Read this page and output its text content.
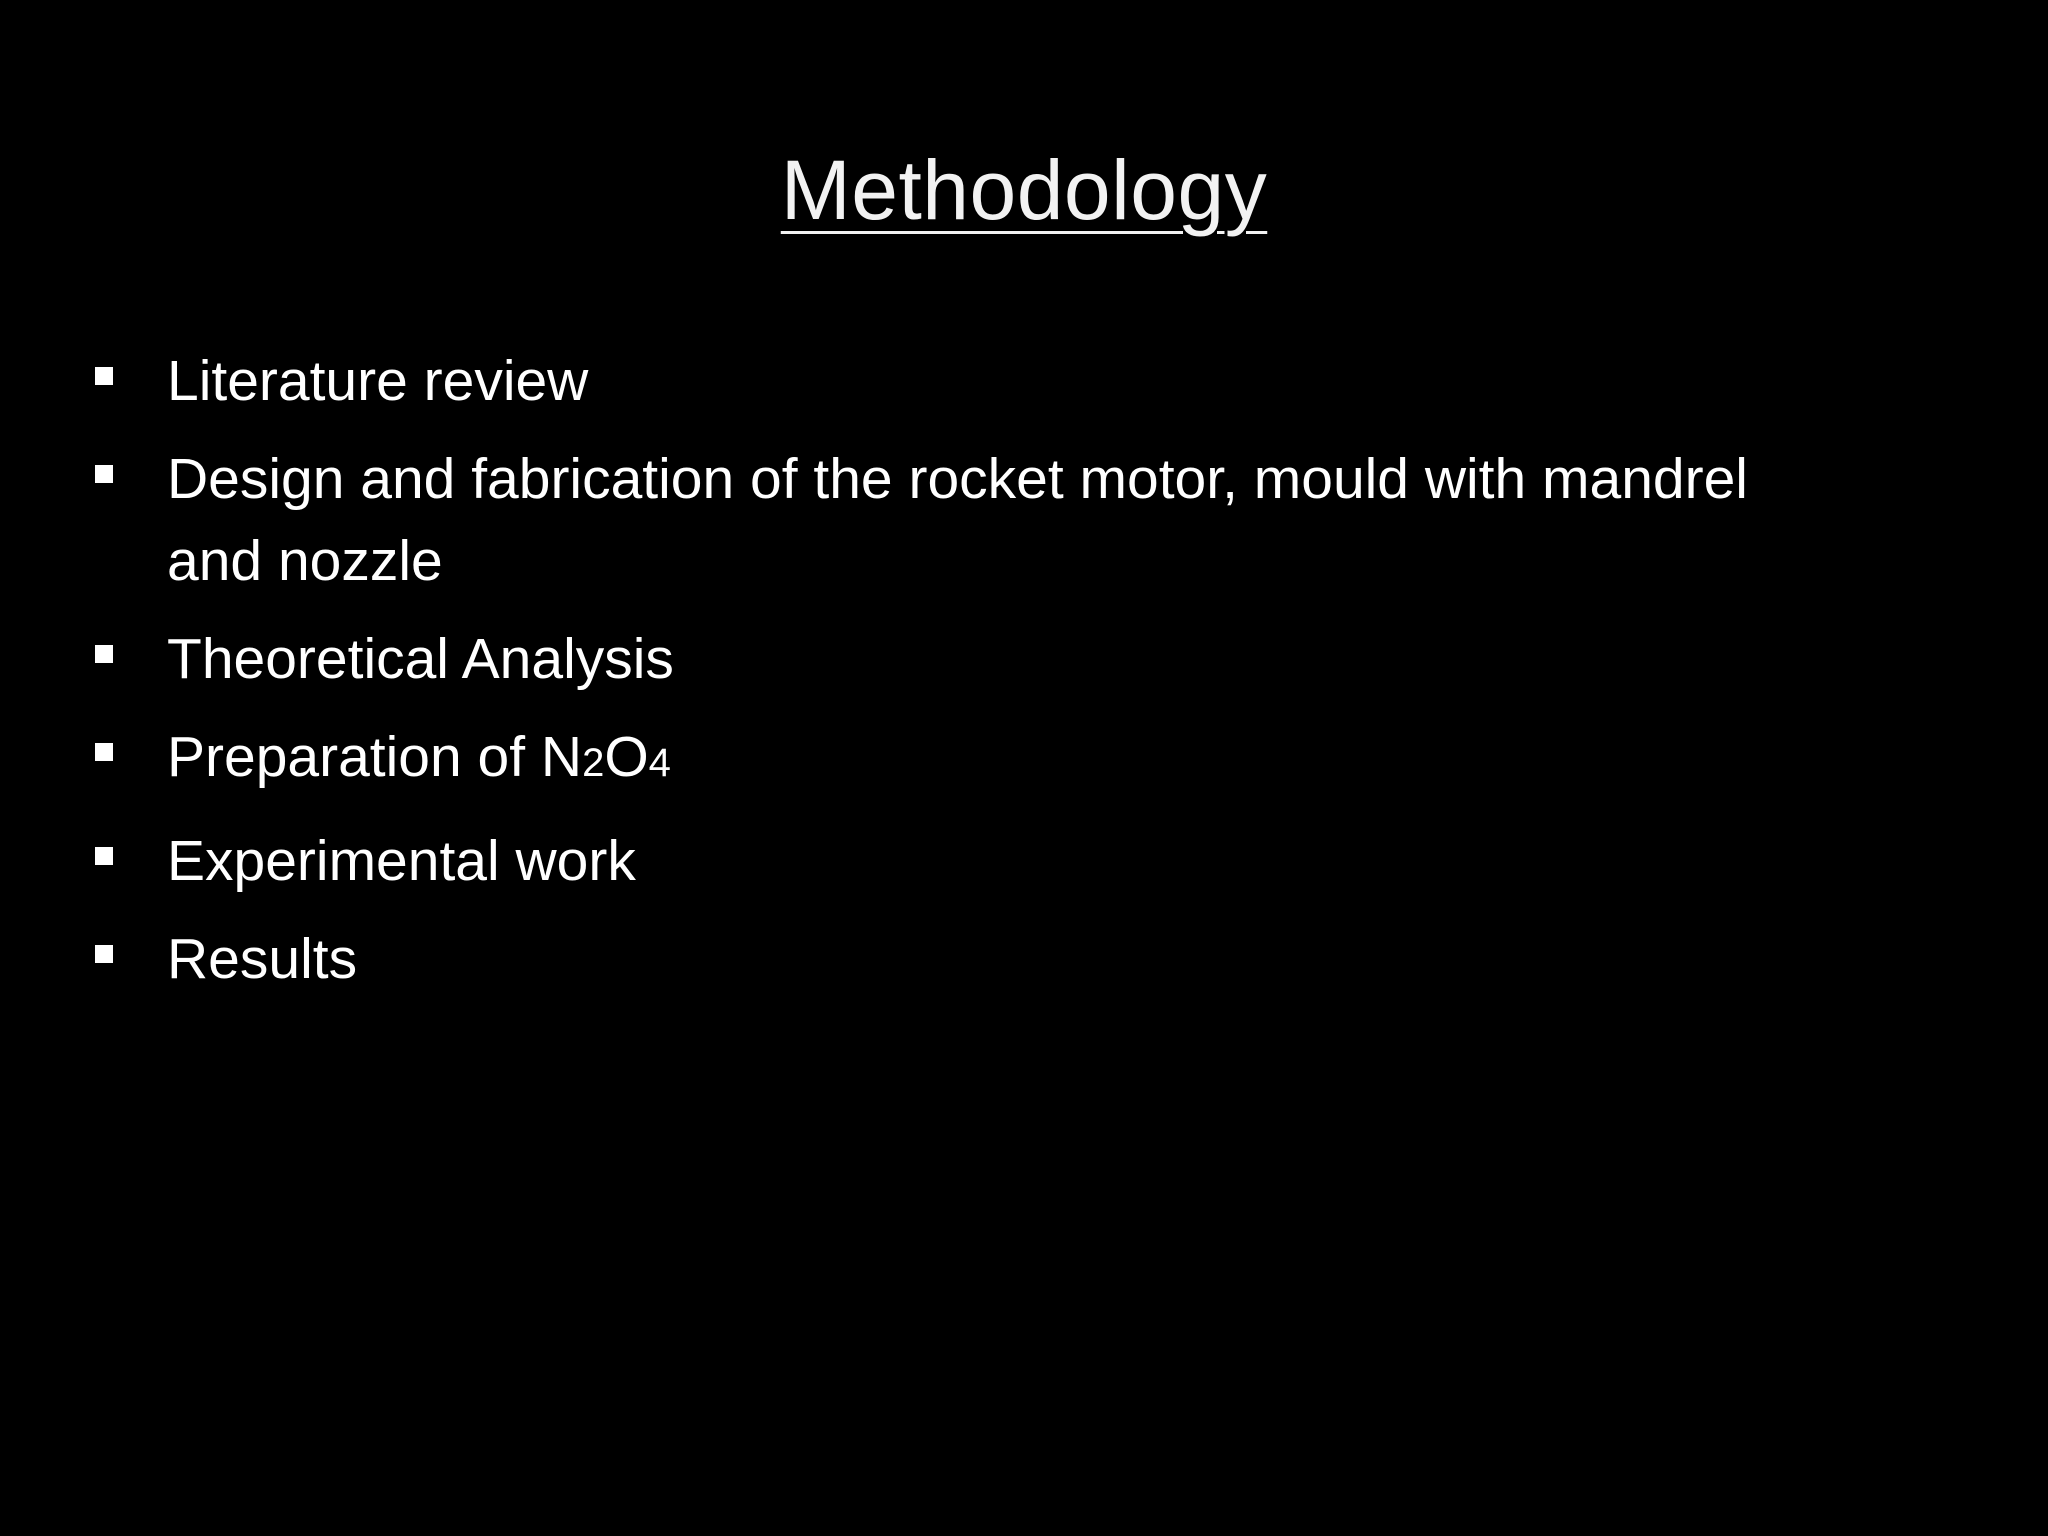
Methodology
Literature review
Design and fabrication of the rocket motor, mould with mandrel and nozzle
Theoretical Analysis
Preparation of N2O4
Experimental work
Results
